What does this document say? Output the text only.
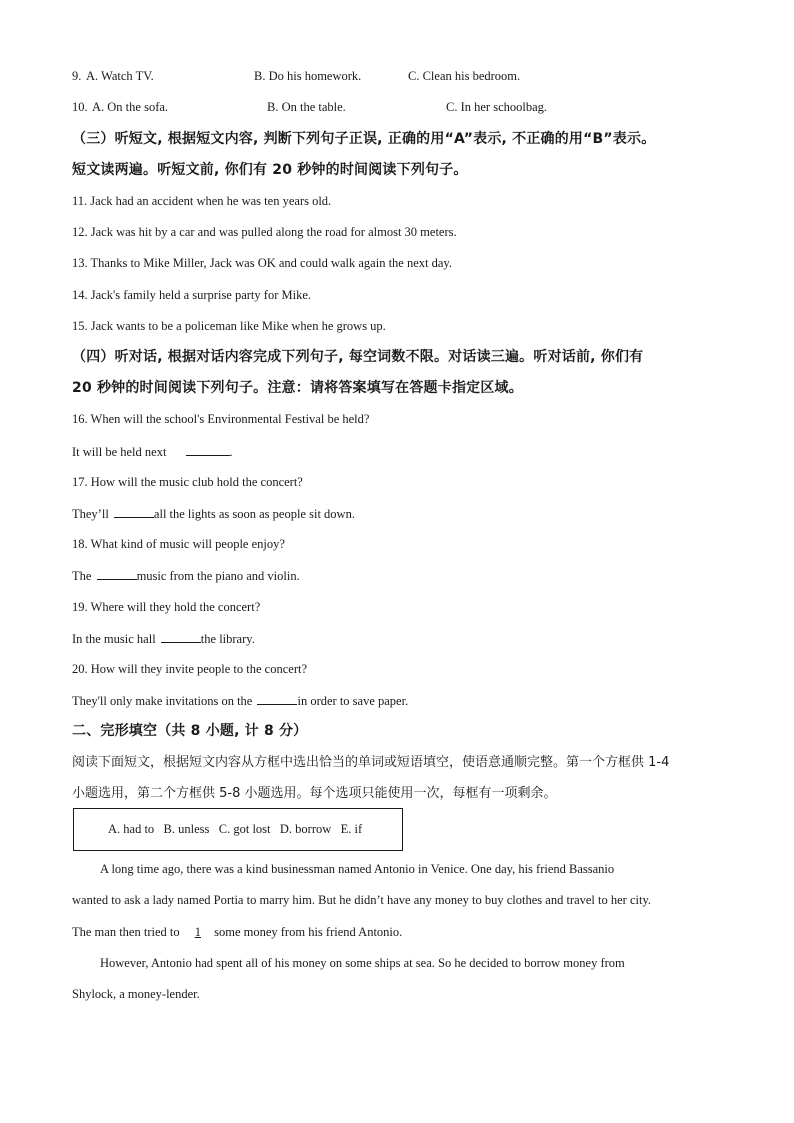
9. A. Watch TV.	B. Do his homework.	C. Clean his bedroom.
10. A. On the sofa.	B. On the table.	C. In her schoolbag.
（三）听短文, 根据短文内容, 判断下列句子正误, 正确的用“A”表示, 不正确的用“B”表示。
短文读两遍。听短文前, 你们有 20 秒钟的时间阅读下列句子。
11. Jack had an accident when he was ten years old.
12. Jack was hit by a car and was pulled along the road for almost 30 meters.
13. Thanks to Mike Miller, Jack was OK and could walk again the next day.
14. Jack's family held a surprise party for Mike.
15. Jack wants to be a policeman like Mike when he grows up.
（四）听对话, 根据对话内容完成下列句子, 每空词数不限。对话读三遍。听对话前, 你们有
20 秒钟的时间阅读下列句子。注意：请将答案填写在答题卡指定区域。
16. When will the school's Environmental Festival be held?
It will be held next	.
17. How will the music club hold the concert?
They’ll	all the lights as soon as people sit down.
18. What kind of music will people enjoy?
The	music from the piano and violin.
19. Where will they hold the concert?
In the music hall	the library.
20. How will they invite people to the concert?
They'll only make invitations on the	in order to save paper.
二、完形填空（共 8 小题, 计 8 分）
阅读下面短文，根据短文内容从方框中选出恰当的单词或短语填空，使语意通顺完整。第一个方框供 1-4
小题选用，第二个方框供 5-8 小题选用。每个选项只能使用一次，每框有一项剩余。
A. had to   B. unless   C. got lost   D. borrow   E. if
A long time ago, there was a kind businessman named Antonio in Venice. One day, his friend Bassanio
wanted to ask a lady named Portia to marry him. But he didn’t have any money to buy clothes and travel to her city.
The man then tried to 1 some money from his friend Antonio.
However, Antonio had spent all of his money on some ships at sea. So he decided to borrow money from
Shylock, a money-lender.
